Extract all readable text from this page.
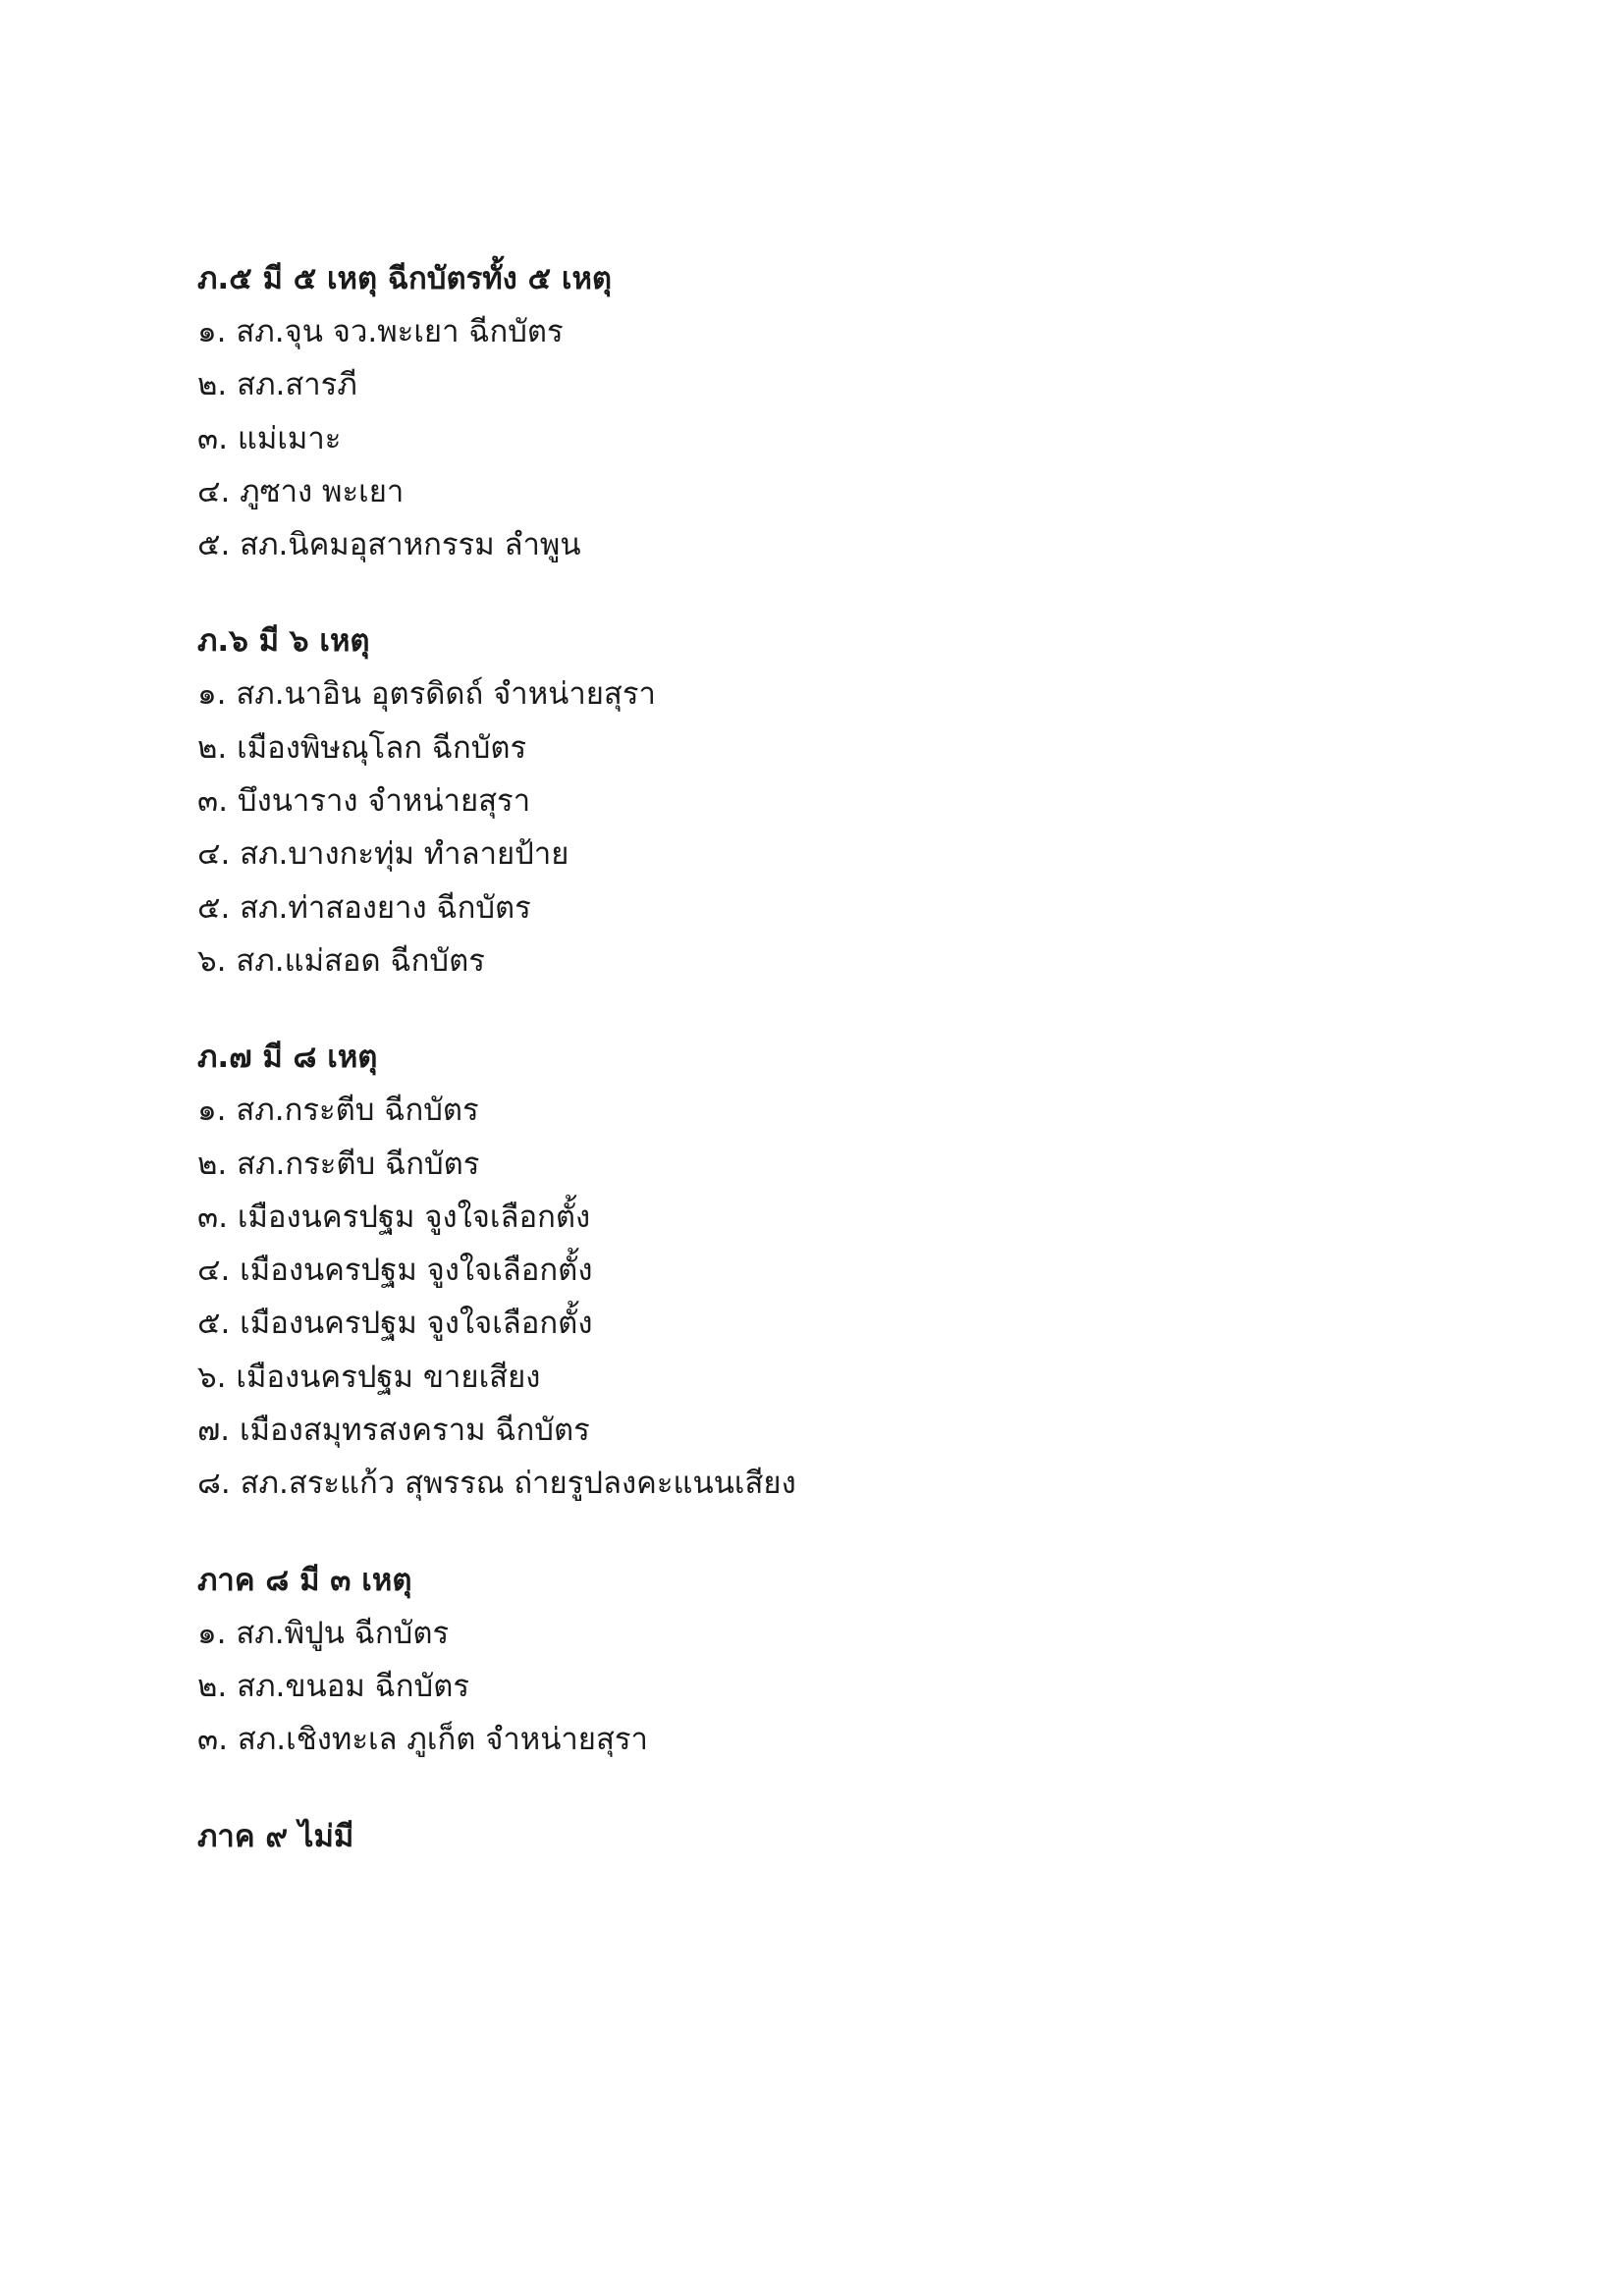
ภ.๕ มี ๕ เหตุ ฉีกบัตรทั้ง ๕ เหตุ

๑. สภ.จุน จว.พะเยา ฉีกบัตร
๒. สภ.สารภี
๓. แม่เมาะ
๔. ภูซาง พะเยา
๕. สภ.นิคมอุสาหกรรม ลำพูน

ภ.๖ มี ๖ เหตุ

๑. สภ.นาอิน อุตรดิดถ์ จำหน่ายสุรา
๒. เมืองพิษณุโลก ฉีกบัตร
๓. บึงนาราง จำหน่ายสุรา
๔. สภ.บางกะทุ่ม ทำลายป้าย
๕. สภ.ท่าสองยาง ฉีกบัตร
๖. สภ.แม่สอด ฉีกบัตร

ภ.๗ มี ๘ เหตุ

๑. สภ.กระตีบ ฉีกบัตร
๒. สภ.กระตีบ ฉีกบัตร
๓. เมืองนครปฐม จูงใจเลือกตั้ง
๔. เมืองนครปฐม จูงใจเลือกตั้ง
๕. เมืองนครปฐม จูงใจเลือกตั้ง
๖. เมืองนครปฐม ขายเสียง
๗. เมืองสมุทรสงคราม ฉีกบัตร
๘. สภ.สระแก้ว สุพรรณ ถ่ายรูปลงคะแนนเสียง

ภาค ๘ มี ๓ เหตุ

๑. สภ.พิปูน ฉีกบัตร
๒. สภ.ขนอม ฉีกบัตร
๓. สภ.เชิงทะเล ภูเก็ต จำหน่ายสุรา

ภาค ๙ ไม่มี
